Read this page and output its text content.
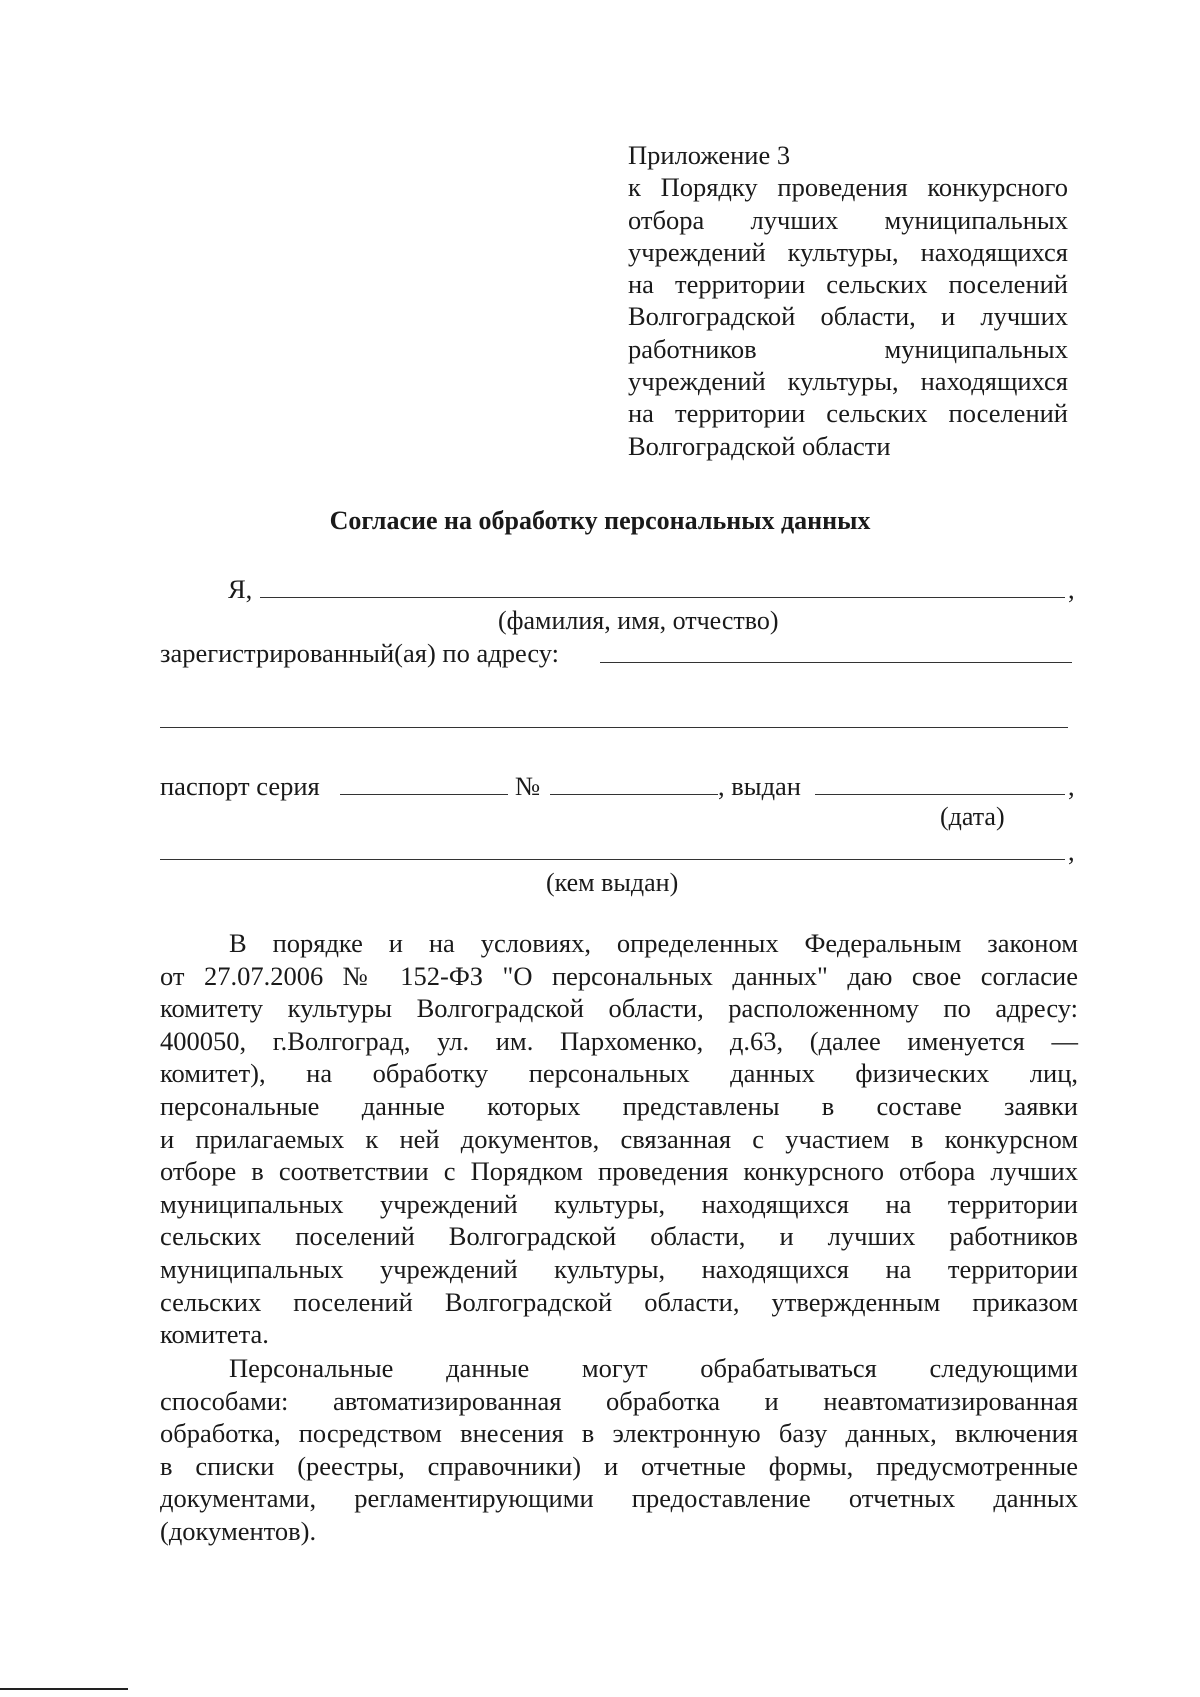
Приложение 3
к Порядку проведения конкурсного
отбора лучших муниципальных
учреждений культуры, находящихся
на территории сельских поселений
Волгоградской области, и лучших
работников муниципальных
учреждений культуры, находящихся
на территории сельских поселений
Волгоградской области
Согласие на обработку персональных данных
Я,	,
(фамилия, имя, отчество)
зарегистрированный(ая) по адресу:
паспорт серия	№	, выдан	,
(дата)
,
(кем выдан)
В порядке и на условиях, определенных Федеральным законом
от 27.07.2006 № 152-ФЗ "О персональных данных" даю свое согласие
комитету культуры Волгоградской области, расположенному по адресу:
400050, г.Волгоград, ул. им. Пархоменко, д.63, (далее именуется —
комитет), на обработку персональных данных физических лиц,
персональные данные которых представлены в составе заявки
и прилагаемых к ней документов, связанная с участием в конкурсном
отборе в соответствии с Порядком проведения конкурсного отбора лучших
муниципальных учреждений культуры, находящихся на территории
сельских поселений Волгоградской области, и лучших работников
муниципальных учреждений культуры, находящихся на территории
сельских поселений Волгоградской области, утвержденным приказом
комитета.
Персональные данные могут обрабатываться следующими
способами: автоматизированная обработка и неавтоматизированная
обработка, посредством внесения в электронную базу данных, включения
в списки (реестры, справочники) и отчетные формы, предусмотренные
документами, регламентирующими предоставление отчетных данных
(документов).
